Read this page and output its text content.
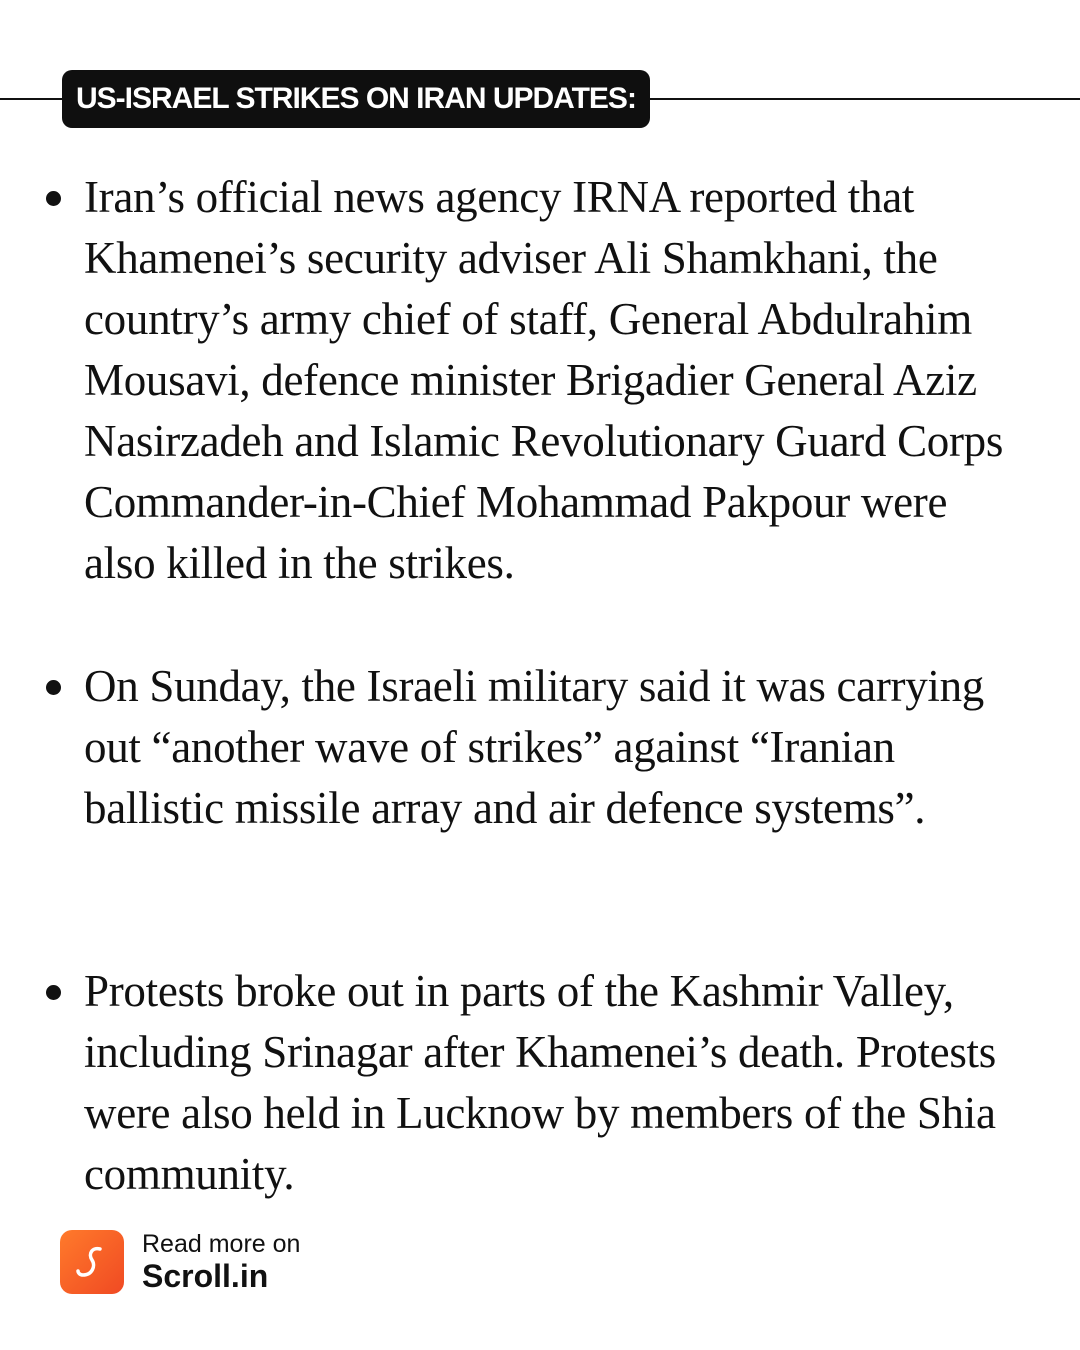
US-ISRAEL STRIKES ON IRAN UPDATES:
Iran’s official news agency IRNA reported that Khamenei’s security adviser Ali Shamkhani, the country’s army chief of staff, General Abdulrahim Mousavi, defence minister Brigadier General Aziz Nasirzadeh and Islamic Revolutionary Guard Corps Commander-in-Chief Mohammad Pakpour were also killed in the strikes.
On Sunday, the Israeli military said it was carrying out “another wave of strikes” against “Iranian ballistic missile array and air defence systems”.
Protests broke out in parts of the Kashmir Valley, including Srinagar after Khamenei’s death. Protests were also held in Lucknow by members of the Shia community.
Read more on
Scroll.in
